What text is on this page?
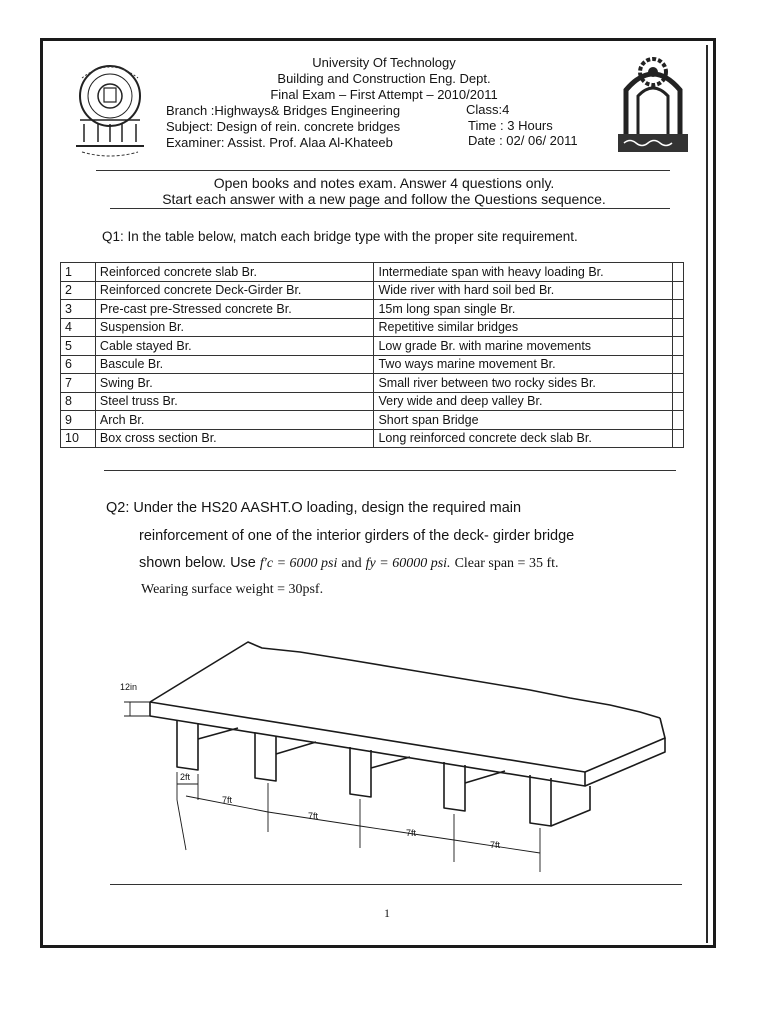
University Of Technology
Building and Construction Eng. Dept.
Final Exam – First Attempt – 2010/2011
Branch :Highways& Bridges Engineering	Class:4
Subject: Design of rein. concrete bridges	Time : 3 Hours
Examiner: Assist. Prof. Alaa Al-Khateeb	Date : 02/ 06/ 2011
Open books and notes exam. Answer 4 questions only.
Start each answer with a new page and follow the Questions sequence.
Q1: In the table below, match each bridge type with the proper site requirement.
1	Reinforced concrete slab Br.	Intermediate span with heavy loading Br.	
2	Reinforced concrete Deck-Girder Br.	Wide river with hard soil bed Br.	
3	Pre-cast pre-Stressed concrete Br.	15m long span single Br.	
4	Suspension Br.	Repetitive similar bridges	
5	Cable stayed Br.	Low grade Br. with marine movements	
6	Bascule Br.	Two ways marine movement Br.	
7	Swing Br.	Small river between two rocky sides Br.	
8	Steel truss Br.	Very wide and deep valley Br.	
9	Arch Br.	Short span Bridge	
10	Box cross section Br.	Long reinforced concrete deck slab Br.	
Q2: Under the HS20 AASHT.O loading, design the required main
reinforcement of one of the interior girders of the deck- girder bridge
shown below. Use f′c = 6000 psi and fy = 60000 psi. Clear span = 35 ft.
Wearing surface weight = 30psf.
12in
2ft
7ft
7ft
7ft
7ft
1
